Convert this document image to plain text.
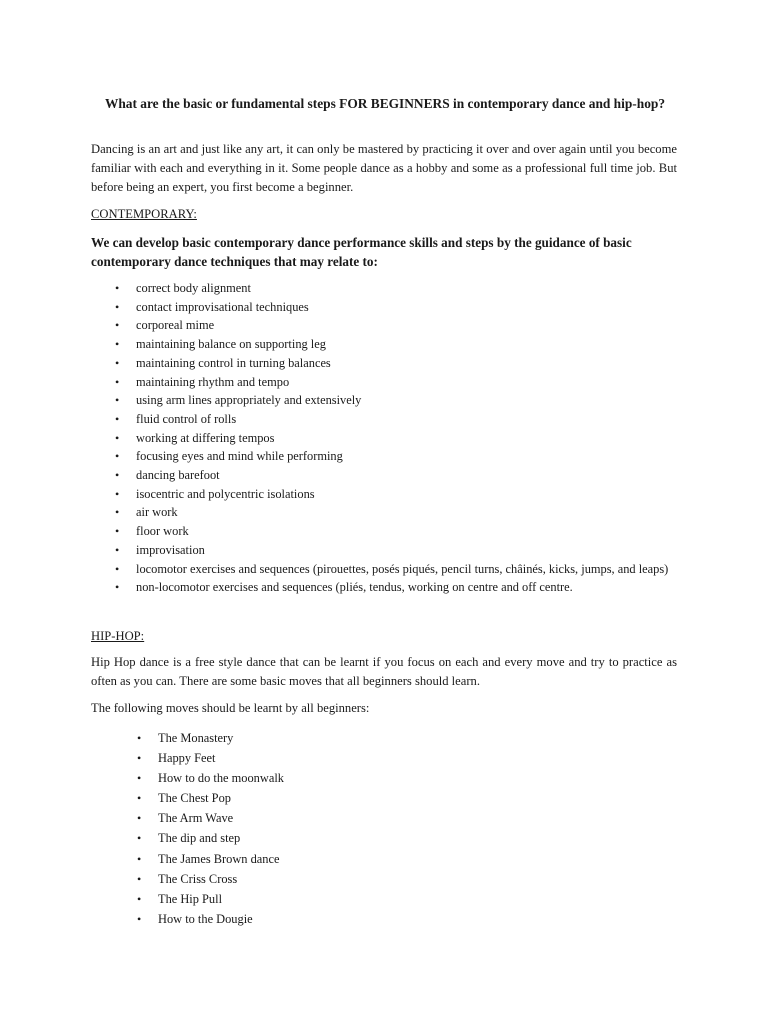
What are the basic or fundamental steps FOR BEGINNERS in contemporary dance and hip-hop?

Dancing is an art and just like any art, it can only be mastered by practicing it over and over again until you become familiar with each and everything in it. Some people dance as a hobby and some as a professional full time job. But before being an expert, you first become a beginner.

CONTEMPORARY:

We can develop basic contemporary dance performance skills and steps by the guidance of basic contemporary dance techniques that may relate to:

• correct body alignment
• contact improvisational techniques
• corporeal mime
• maintaining balance on supporting leg
• maintaining control in turning balances
• maintaining rhythm and tempo
• using arm lines appropriately and extensively
• fluid control of rolls
• working at differing tempos
• focusing eyes and mind while performing
• dancing barefoot
• isocentric and polycentric isolations
• air work
• floor work
• improvisation
• locomotor exercises and sequences (pirouettes, posés piqués, pencil turns, châinés, kicks, jumps, and leaps)
• non-locomotor exercises and sequences (pliés, tendus, working on centre and off centre.

HIP-HOP:

Hip Hop dance is a free style dance that can be learnt if you focus on each and every move and try to practice as often as you can. There are some basic moves that all beginners should learn.

The following moves should be learnt by all beginners:

• The Monastery
• Happy Feet
• How to do the moonwalk
• The Chest Pop
• The Arm Wave
• The dip and step
• The James Brown dance
• The Criss Cross
• The Hip Pull
• How to the Dougie
